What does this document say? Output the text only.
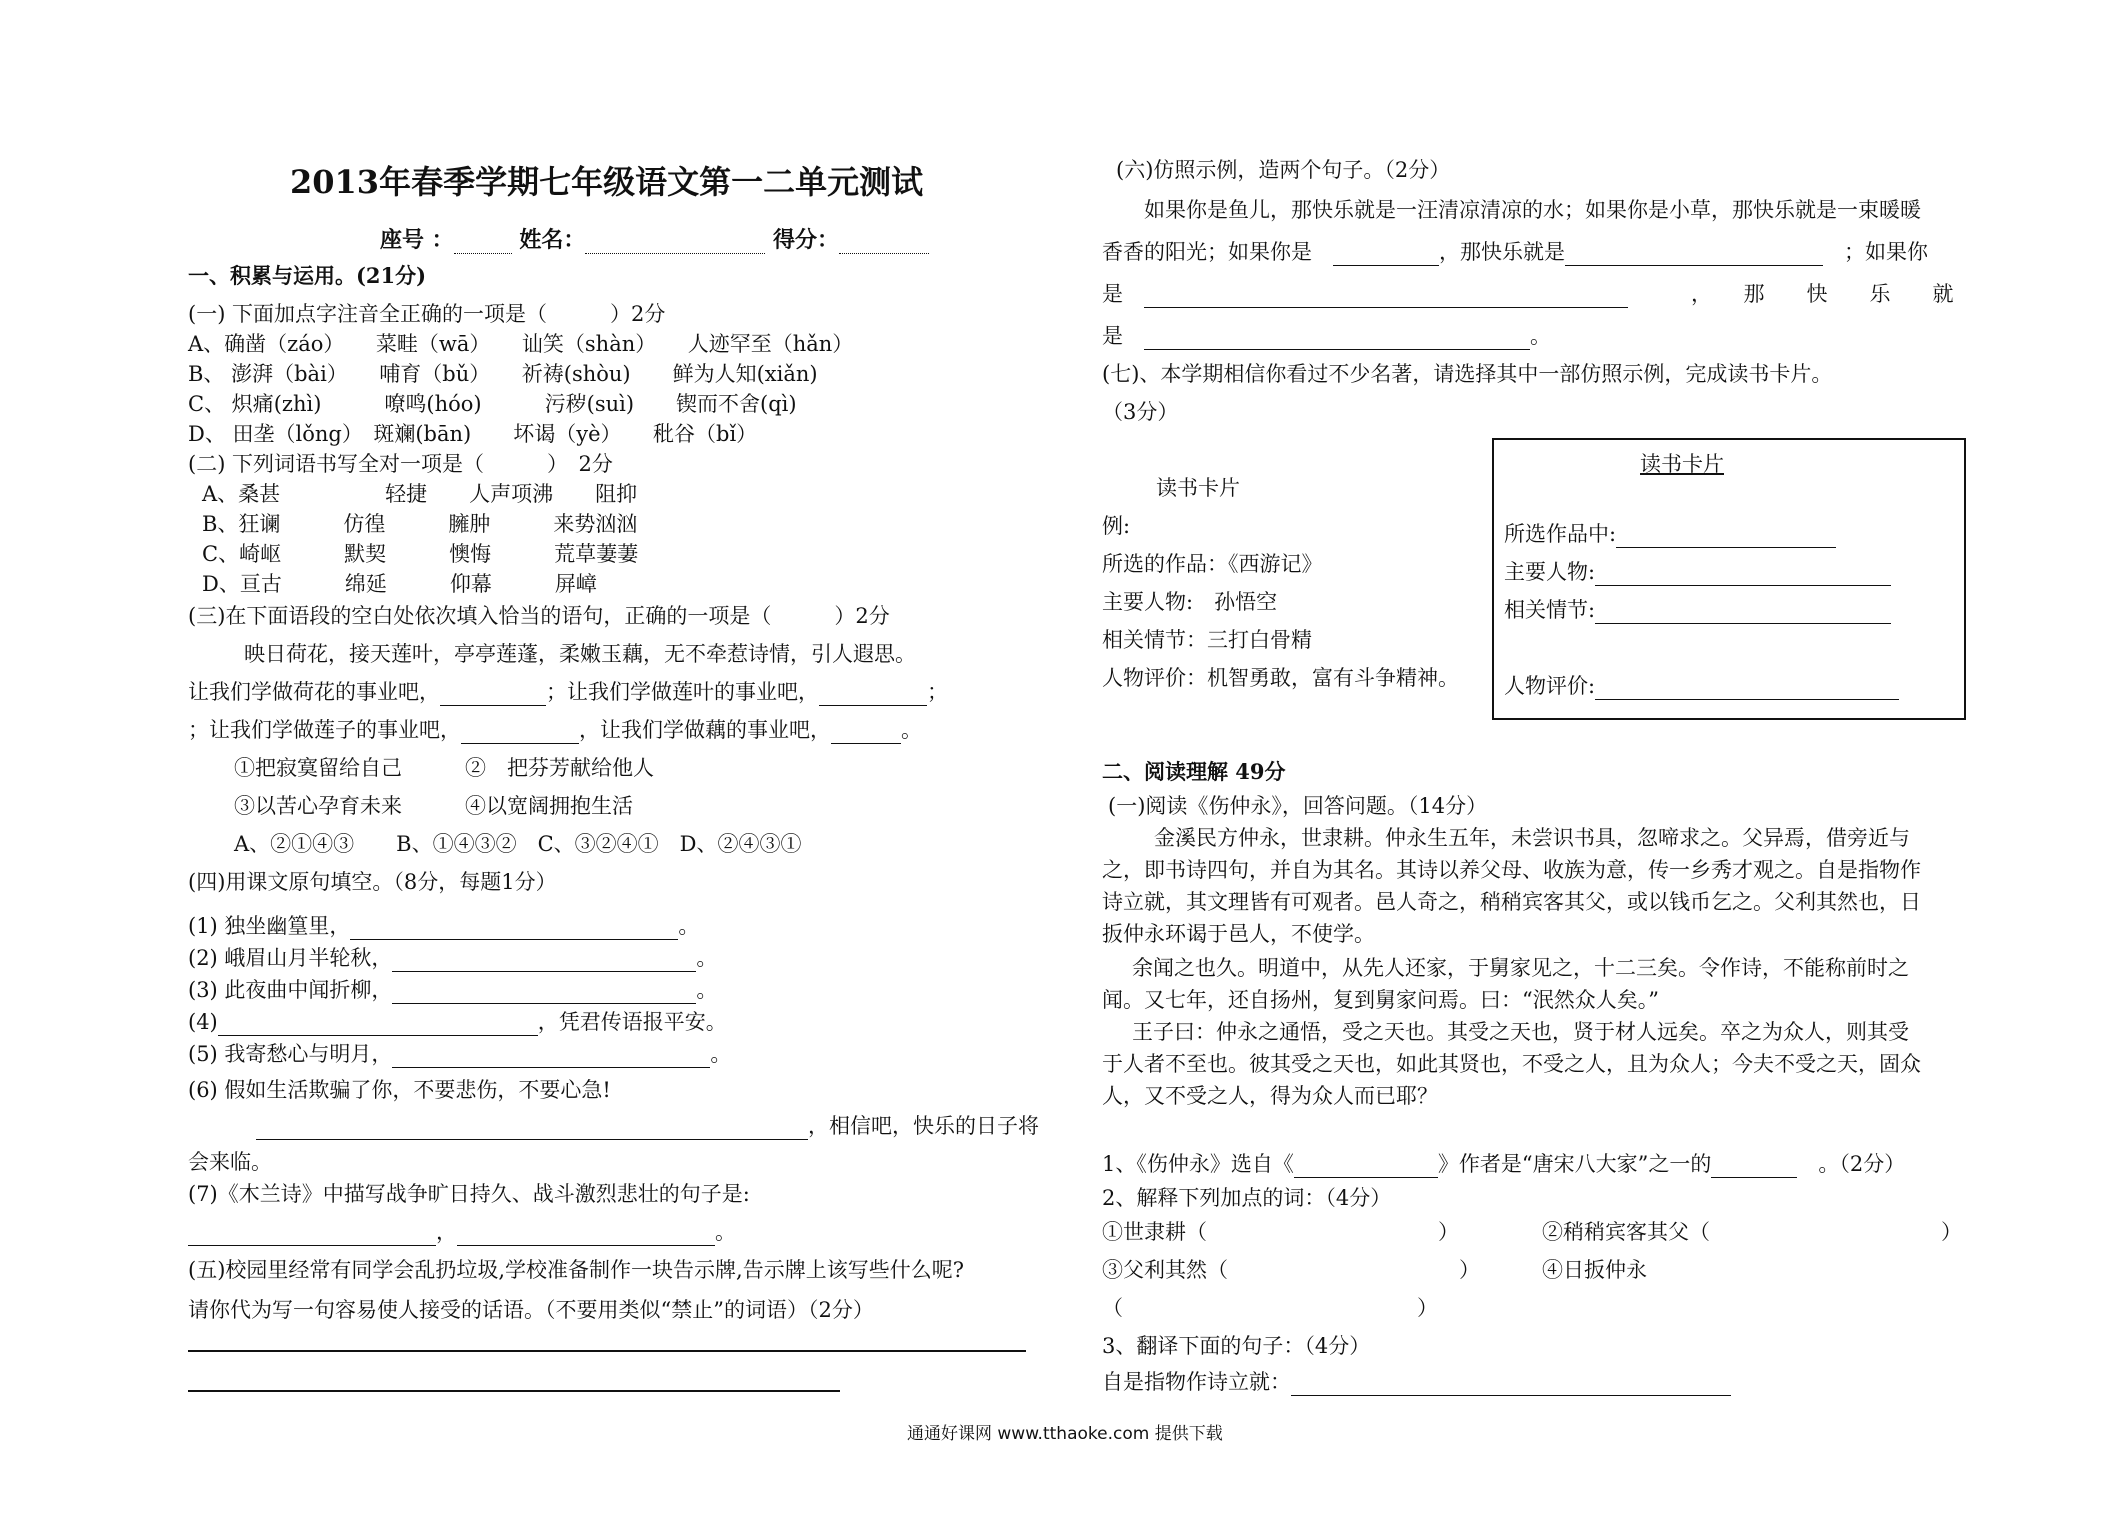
2013年春季学期七年级语文第一二单元测试
座号 ：	姓名：	得分：
一、积累与运用。(21分)
(一) 下面加点字注音全正确的一项是（　　　）2分
A、确凿（záo）　　菜畦（wā）　　讪笑（shàn）　　人迹罕至（hǎn）
B、 澎湃（bài）　　哺育（bǔ）　　祈祷(shòu)　　鲜为人知(xiǎn)
C、 炽痛(zhì)　　　嘹鸣(hóo)　　　污秽(suì)　　锲而不舍(qì)
D、 田垄（lǒng）　斑斓(bān)　　坏谒（yè）　　秕谷（bǐ）
(二) 下列词语书写全对一项是（　　　）　2分
A、桑甚　　　　　轻捷　　人声项沸　　阻抑
B、狂谰　　　仿徨　　　臃肿　　　来势汹汹
C、崎岖　　　默契　　　懊悔　　　荒草萋萋
D、亘古　　　绵延　　　仰幕　　　屏嶂
(三)在下面语段的空白处依次填入恰当的语句，正确的一项是（　　　）2分
映日荷花，接天莲叶，亭亭莲蓬，柔嫩玉藕，无不牵惹诗情，引人遐思。
让我们学做荷花的事业吧，	；让我们学做莲叶的事业吧，	；
；让我们学做莲子的事业吧，	，让我们学做藕的事业吧，	。
①把寂寞留给自己　　　②　把芬芳献给他人
③以苦心孕育未来　　　④以宽阔拥抱生活
A、②①④③　　B、①④③②　C、③②④①　D、②④③①
(四)用课文原句填空。（8分，每题1分）
(1) 独坐幽篁里，	。
(2) 峨眉山月半轮秋，	。
(3) 此夜曲中闻折柳，	。
(4)	，凭君传语报平安。
(5) 我寄愁心与明月，	。
(6) 假如生活欺骗了你，不要悲伤，不要心急!
，相信吧，快乐的日子将
会来临。
(7)《木兰诗》中描写战争旷日持久、战斗激烈悲壮的句子是:
，	。
(五)校园里经常有同学会乱扔垃圾,学校准备制作一块告示牌,告示牌上该写些什么呢?
请你代为写一句容易使人接受的话语。（不要用类似“禁止”的词语）（2分）
(六)仿照示例，造两个句子。（2分）
如果你是鱼儿，那快乐就是一汪清凉清凉的水；如果你是小草，那快乐就是一束暖暖
香香的阳光；如果你是　	，那快乐就是　	；如果你
是　　　　	，　　那　　快　　乐　　就
是　	。
(七)、本学期相信你看过不少名著，请选择其中一部仿照示例，完成读书卡片。
（3分）
读书卡片
例:
所选的作品：《西游记》
主要人物:　孙悟空
相关情节：三打白骨精
人物评价：机智勇敢，富有斗争精神。
二、阅读理解 49分
(一)阅读《伤仲永》，回答问题。（14分）
金溪民方仲永，世隶耕。仲永生五年，未尝识书具，忽啼求之。父异焉，借旁近与
之，即书诗四句，并自为其名。其诗以养父母、收族为意，传一乡秀才观之。自是指物作
诗立就，其文理皆有可观者。邑人奇之，稍稍宾客其父，或以钱币乞之。父利其然也，日
扳仲永环谒于邑人，不使学。
余闻之也久。明道中，从先人还家，于舅家见之，十二三矣。令作诗，不能称前时之
闻。又七年，还自扬州，复到舅家问焉。曰：“泯然众人矣。”
王子曰：仲永之通悟，受之天也。其受之天也，贤于材人远矣。卒之为众人，则其受
于人者不至也。彼其受之天也，如此其贤也，不受之人，且为众人；今夫不受之天，固众
人，又不受之人，得为众人而已耶？
1、《伤仲永》选自《	》作者是“唐宋八大家”之一的　	。（2分）
2、解释下列加点的词：（4分）
①世隶耕（　　　　　　　　　　　）	②稍稍宾客其父（　　　　　　　　　　　）
③父利其然（　　　　　　　　　　　）	④日扳仲永
（　　　　　　　　　　　　　　）
3、翻译下面的句子：（4分）
自是指物作诗立就：
读书卡片
所选作品中:
主要人物:
相关情节:
人物评价:
通通好课网 www.tthaoke.com 提供下载
